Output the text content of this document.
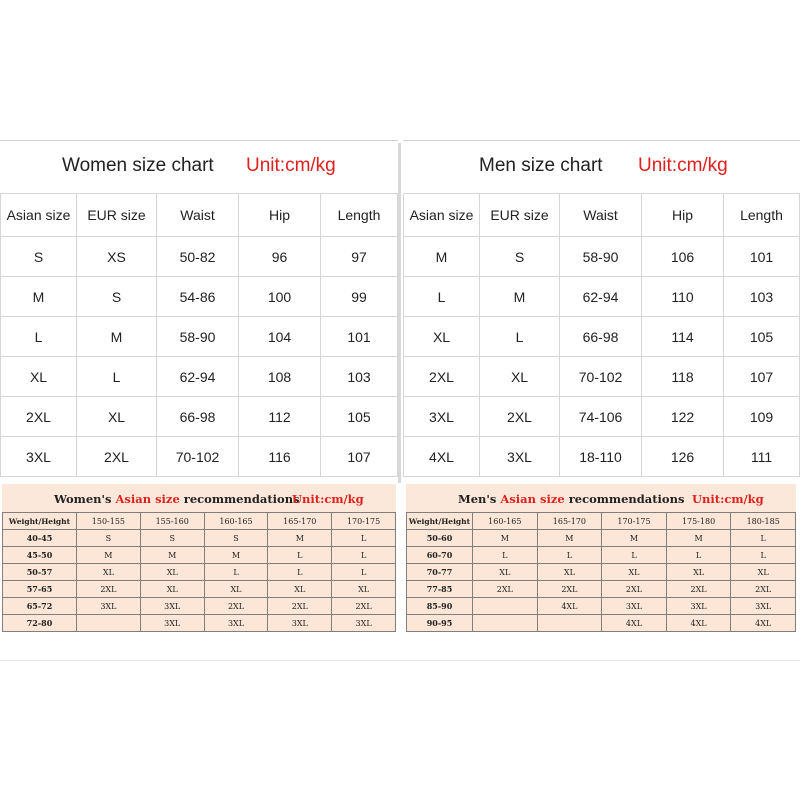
Women size chart Unit:cm/kg
Asian size	EUR size	Waist	Hip	Length
S	XS	50-82	96	97
M	S	54-86	100	99
L	M	58-90	104	101
XL	L	62-94	108	103
2XL	XL	66-98	112	105
3XL	2XL	70-102	116	107
Men size chart Unit:cm/kg
Asian size	EUR size	Waist	Hip	Length
M	S	58-90	106	101
L	M	62-94	110	103
XL	L	66-98	114	105
2XL	XL	70-102	118	107
3XL	2XL	74-106	122	109
4XL	3XL	18-110	126	111
Women's Asian size recommendations
Unit:cm/kg
Weight/Height	150-155	155-160	160-165	165-170	170-175
40-45	S	S	S	M	L
45-50	M	M	M	L	L
50-57	XL	XL	L	L	L
57-65	2XL	XL	XL	XL	XL
65-72	3XL	3XL	2XL	2XL	2XL
72-80		3XL	3XL	3XL	3XL
Men's Asian size recommendations Unit:cm/kg
Weight/Height	160-165	165-170	170-175	175-180	180-185
50-60	M	M	M	M	L
60-70	L	L	L	L	L
70-77	XL	XL	XL	XL	XL
77-85	2XL	2XL	2XL	2XL	2XL
85-90		4XL	3XL	3XL	3XL
90-95			4XL	4XL	4XL
